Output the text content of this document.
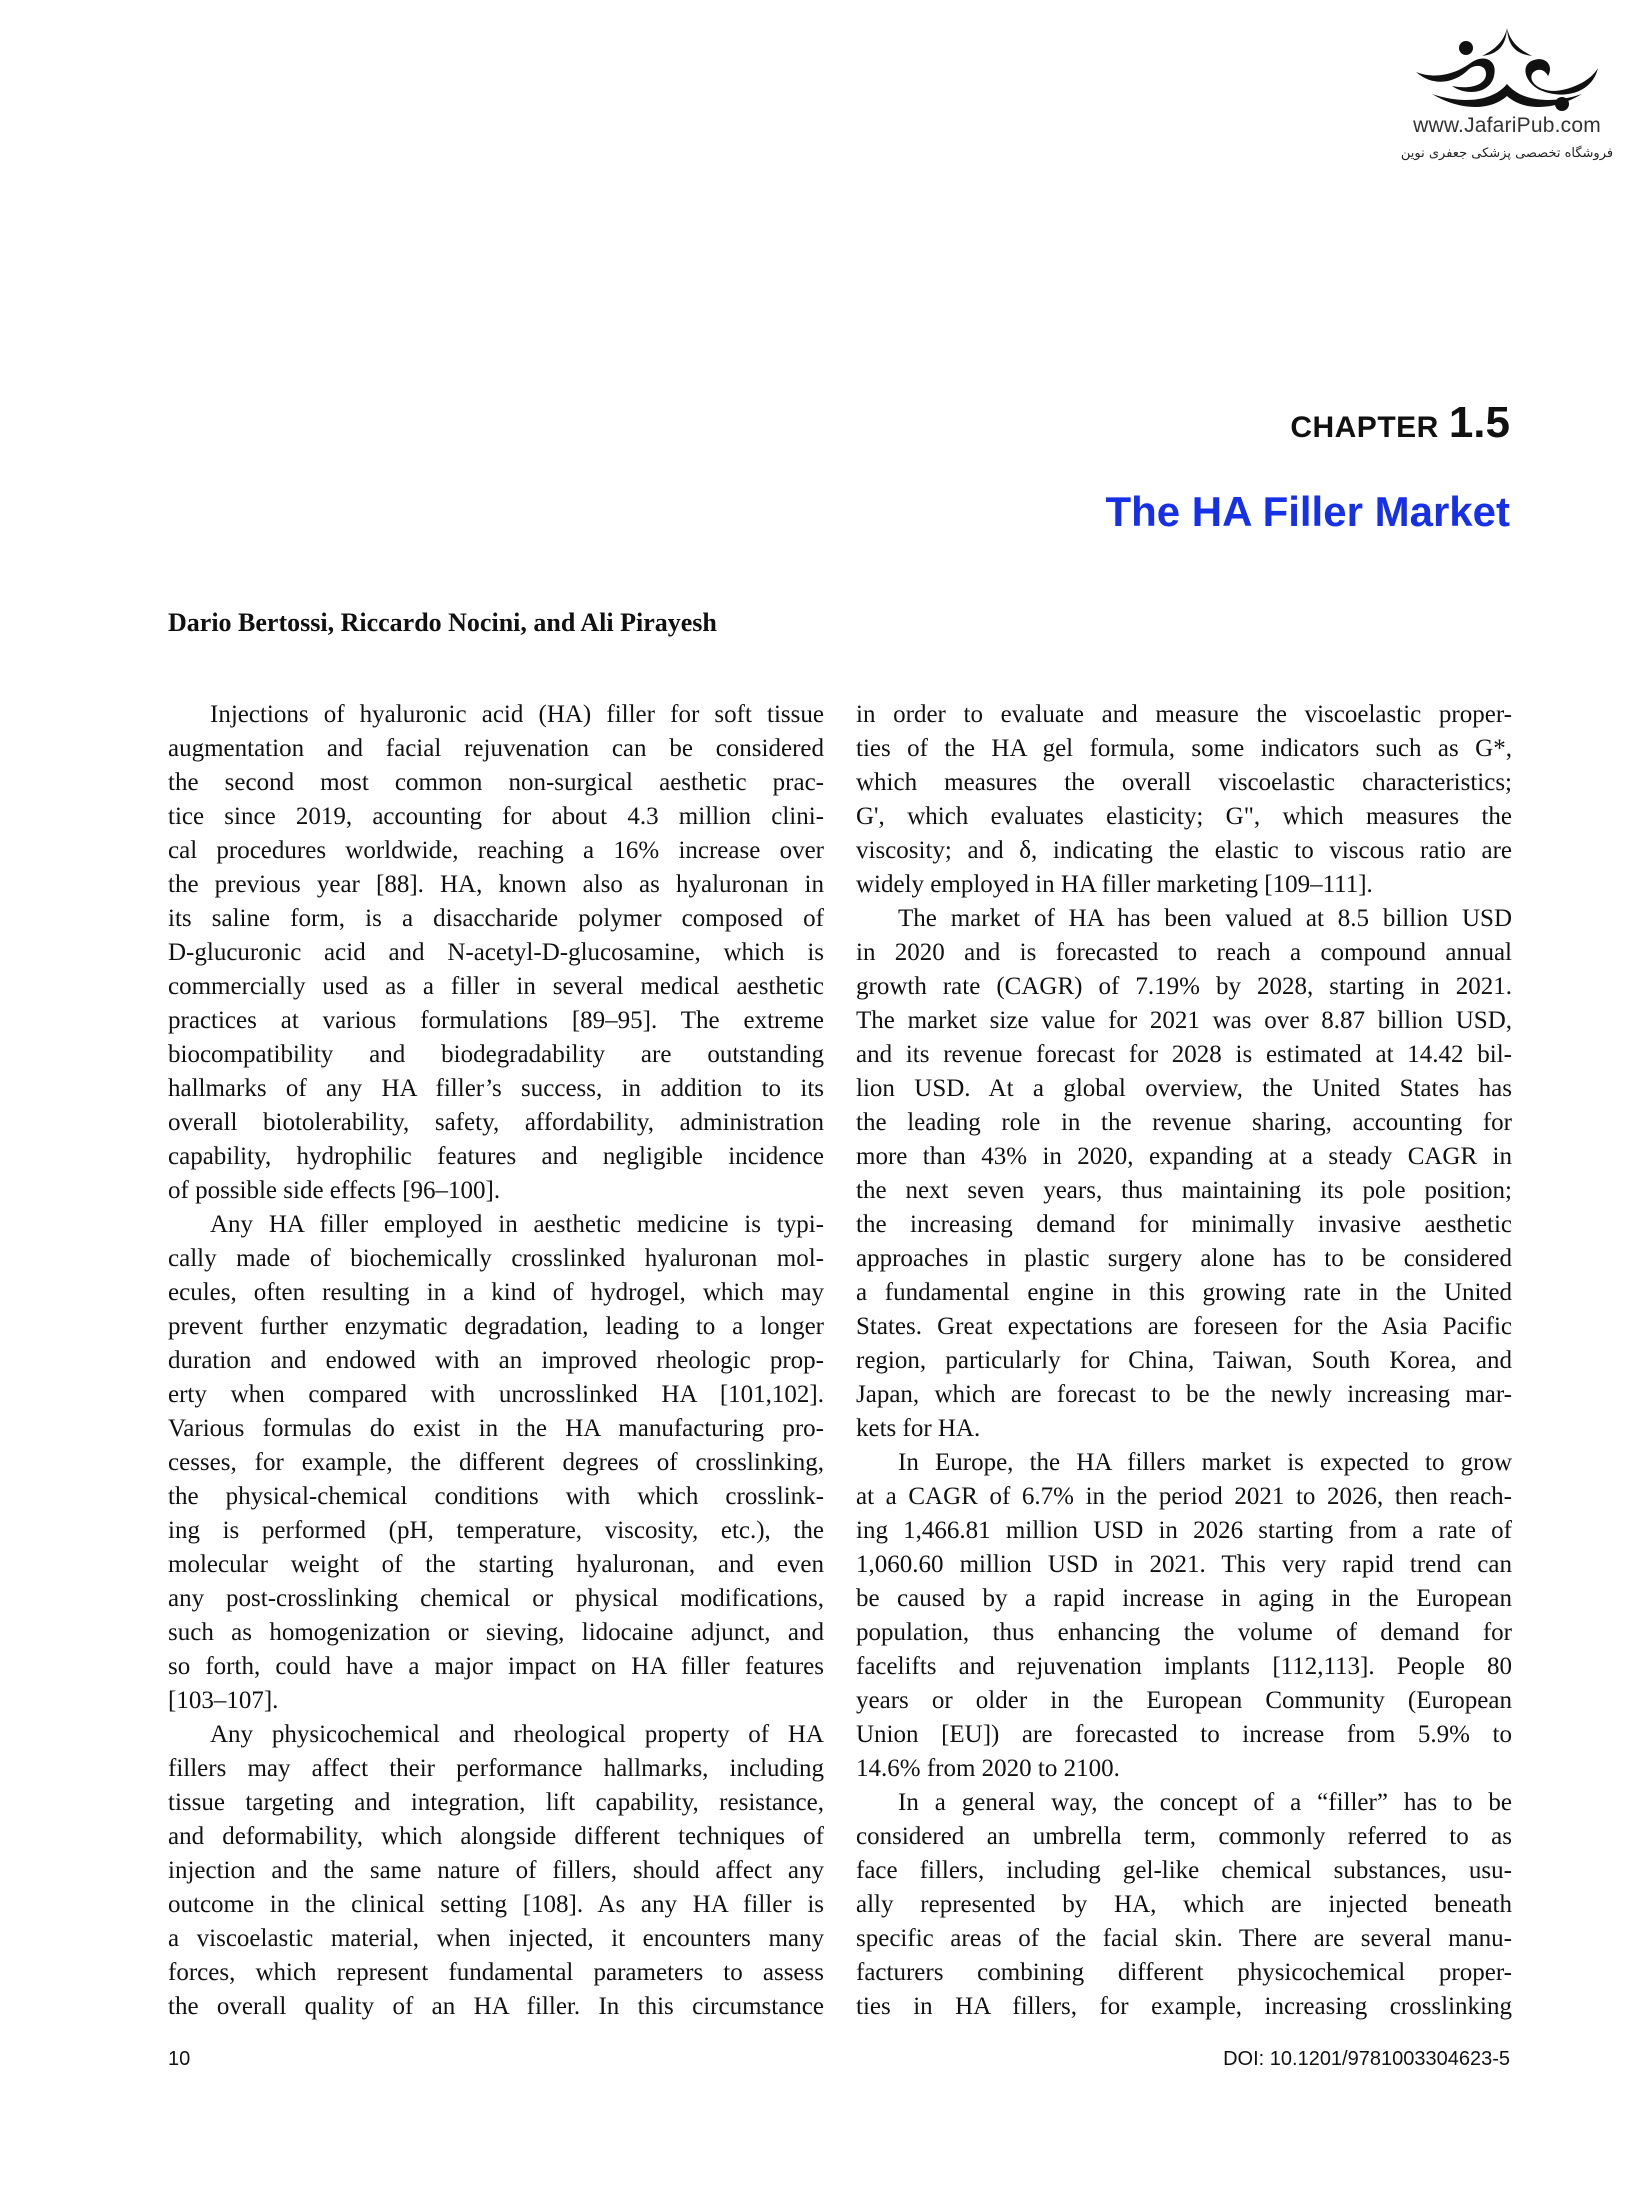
www.JafariPub.com
فروشگاه تخصصی پزشکی جعفری نوین
CHAPTER 1.5
The HA Filler Market
Dario Bertossi, Riccardo Nocini, and Ali Pirayesh
Injections of hyaluronic acid (HA) filler for soft tissue
augmentation and facial rejuvenation can be considered
the second most common non-surgical aesthetic prac-
tice since 2019, accounting for about 4.3 million clini-
cal procedures worldwide, reaching a 16% increase over
the previous year [88]. HA, known also as hyaluronan in
its saline form, is a disaccharide polymer composed of
D-glucuronic acid and N-acetyl-D-glucosamine, which is
commercially used as a filler in several medical aesthetic
practices at various formulations [89–95]. The extreme
biocompatibility and biodegradability are outstanding
hallmarks of any HA filler’s success, in addition to its
overall biotolerability, safety, affordability, administration
capability, hydrophilic features and negligible incidence
of possible side effects [96–100].
Any HA filler employed in aesthetic medicine is typi-
cally made of biochemically crosslinked hyaluronan mol-
ecules, often resulting in a kind of hydrogel, which may
prevent further enzymatic degradation, leading to a longer
duration and endowed with an improved rheologic prop-
erty when compared with uncrosslinked HA [101,102].
Various formulas do exist in the HA manufacturing pro-
cesses, for example, the different degrees of crosslinking,
the physical-chemical conditions with which crosslink-
ing is performed (pH, temperature, viscosity, etc.), the
molecular weight of the starting hyaluronan, and even
any post-crosslinking chemical or physical modifications,
such as homogenization or sieving, lidocaine adjunct, and
so forth, could have a major impact on HA filler features
[103–107].
Any physicochemical and rheological property of HA
fillers may affect their performance hallmarks, including
tissue targeting and integration, lift capability, resistance,
and deformability, which alongside different techniques of
injection and the same nature of fillers, should affect any
outcome in the clinical setting [108]. As any HA filler is
a viscoelastic material, when injected, it encounters many
forces, which represent fundamental parameters to assess
the overall quality of an HA filler. In this circumstance
in order to evaluate and measure the viscoelastic proper-
ties of the HA gel formula, some indicators such as G*,
which measures the overall viscoelastic characteristics;
G', which evaluates elasticity; G", which measures the
viscosity; and δ, indicating the elastic to viscous ratio are
widely employed in HA filler marketing [109–111].
The market of HA has been valued at 8.5 billion USD
in 2020 and is forecasted to reach a compound annual
growth rate (CAGR) of 7.19% by 2028, starting in 2021.
The market size value for 2021 was over 8.87 billion USD,
and its revenue forecast for 2028 is estimated at 14.42 bil-
lion USD. At a global overview, the United States has
the leading role in the revenue sharing, accounting for
more than 43% in 2020, expanding at a steady CAGR in
the next seven years, thus maintaining its pole position;
the increasing demand for minimally invasive aesthetic
approaches in plastic surgery alone has to be considered
a fundamental engine in this growing rate in the United
States. Great expectations are foreseen for the Asia Pacific
region, particularly for China, Taiwan, South Korea, and
Japan, which are forecast to be the newly increasing mar-
kets for HA.
In Europe, the HA fillers market is expected to grow
at a CAGR of 6.7% in the period 2021 to 2026, then reach-
ing 1,466.81 million USD in 2026 starting from a rate of
1,060.60 million USD in 2021. This very rapid trend can
be caused by a rapid increase in aging in the European
population, thus enhancing the volume of demand for
facelifts and rejuvenation implants [112,113]. People 80
years or older in the European Community (European
Union [EU]) are forecasted to increase from 5.9% to
14.6% from 2020 to 2100.
In a general way, the concept of a “filler” has to be
considered an umbrella term, commonly referred to as
face fillers, including gel-like chemical substances, usu-
ally represented by HA, which are injected beneath
specific areas of the facial skin. There are several manu-
facturers combining different physicochemical proper-
ties in HA fillers, for example, increasing crosslinking
10	DOI: 10.1201/9781003304623-5
